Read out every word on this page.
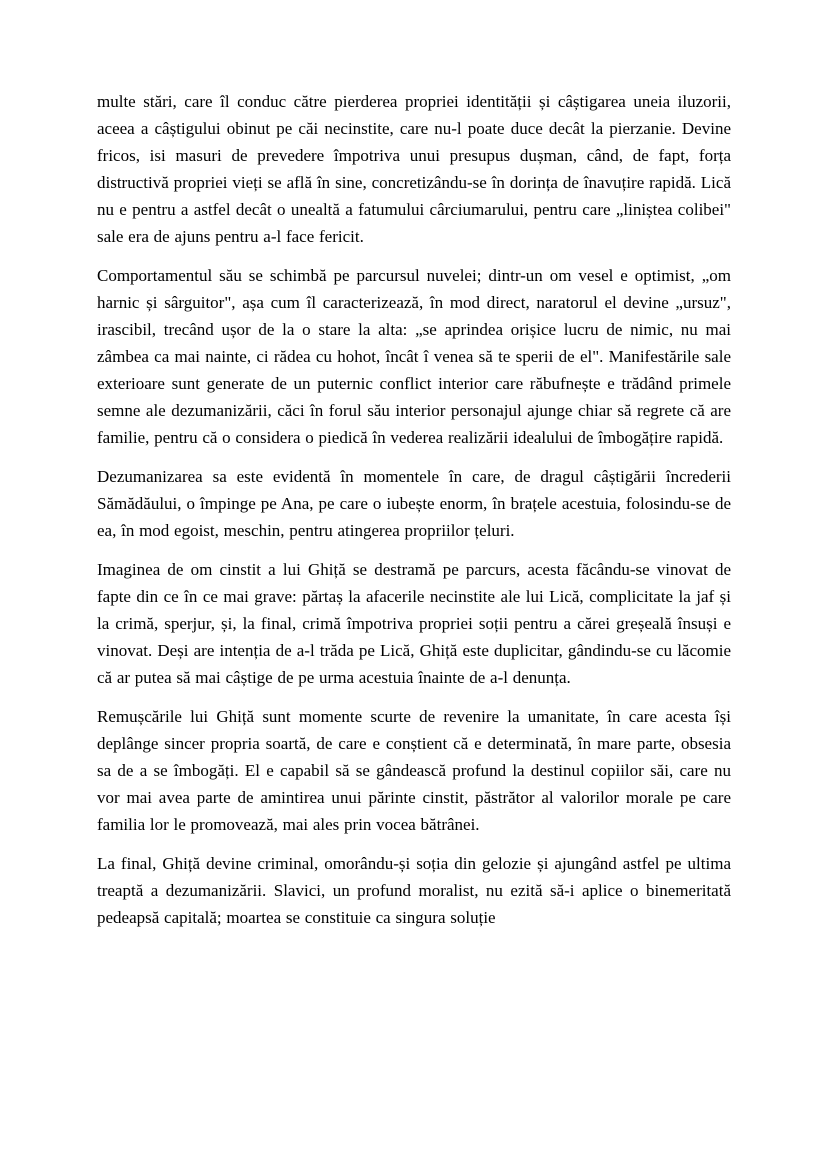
multe stări, care îl conduc către pierderea propriei identității și câștigarea uneia iluzorii, aceea a câștigului obinut pe căi necinstite, care nu-l poate duce decât la pierzanie. Devine fricos, isi masuri de prevedere împotriva unui presupus dușman, când, de fapt, forța distructivă propriei vieți se află în sine, concretizându-se în dorința de înavuțire rapidă. Lică nu e pentru a astfel decât o unealtă a fatumului cârciumarului, pentru care „liniștea colibei" sale era de ajuns pentru a-l face fericit.

Comportamentul său se schimbă pe parcursul nuvelei; dintr-un om vesel e optimist, „om harnic și sârguitor", așa cum îl caracterizează, în mod direct, naratorul el devine „ursuz", irascibil, trecând ușor de la o stare la alta: „se aprindea orișice lucru de nimic, nu mai zâmbea ca mai nainte, ci rădea cu hohot, încât î venea să te sperii de el". Manifestările sale exterioare sunt generate de un puternic conflict interior care răbufnește e trădând primele semne ale dezumanizării, căci în forul său interior personajul ajunge chiar să regrete că are familie, pentru că o considera o piedică în vederea realizării idealului de îmbogățire rapidă.

Dezumanizarea sa este evidentă în momentele în care, de dragul câștigării încrederii Sămădăului, o împinge pe Ana, pe care o iubește enorm, în brațele acestuia, folosindu-se de ea, în mod egoist, meschin, pentru atingerea propriilor țeluri.

Imaginea de om cinstit a lui Ghiță se destramă pe parcurs, acesta făcându-se vinovat de fapte din ce în ce mai grave: părtaș la afacerile necinstite ale lui Lică, complicitate la jaf și la crimă, sperjur, și, la final, crimă împotriva propriei soții pentru a cărei greșeală însuși e vinovat. Deși are intenția de a-l trăda pe Lică, Ghiță este duplicitar, gândindu-se cu lăcomie că ar putea să mai câștige de pe urma acestuia înainte de a-l denunța.

Remușcările lui Ghiță sunt momente scurte de revenire la umanitate, în care acesta își deplânge sincer propria soartă, de care e conștient că e determinată, în mare parte, obsesia sa de a se îmbogăți. El e capabil să se gândească profund la destinul copiilor săi, care nu vor mai avea parte de amintirea unui părinte cinstit, păstrător al valorilor morale pe care familia lor le promovează, mai ales prin vocea bătrânei.

La final, Ghiță devine criminal, omorându-și soția din gelozie și ajungând astfel pe ultima treaptă a dezumanizării. Slavici, un profund moralist, nu ezită să-i aplice o binemeritată pedeapsă capitală; moartea se constituie ca singura soluție
